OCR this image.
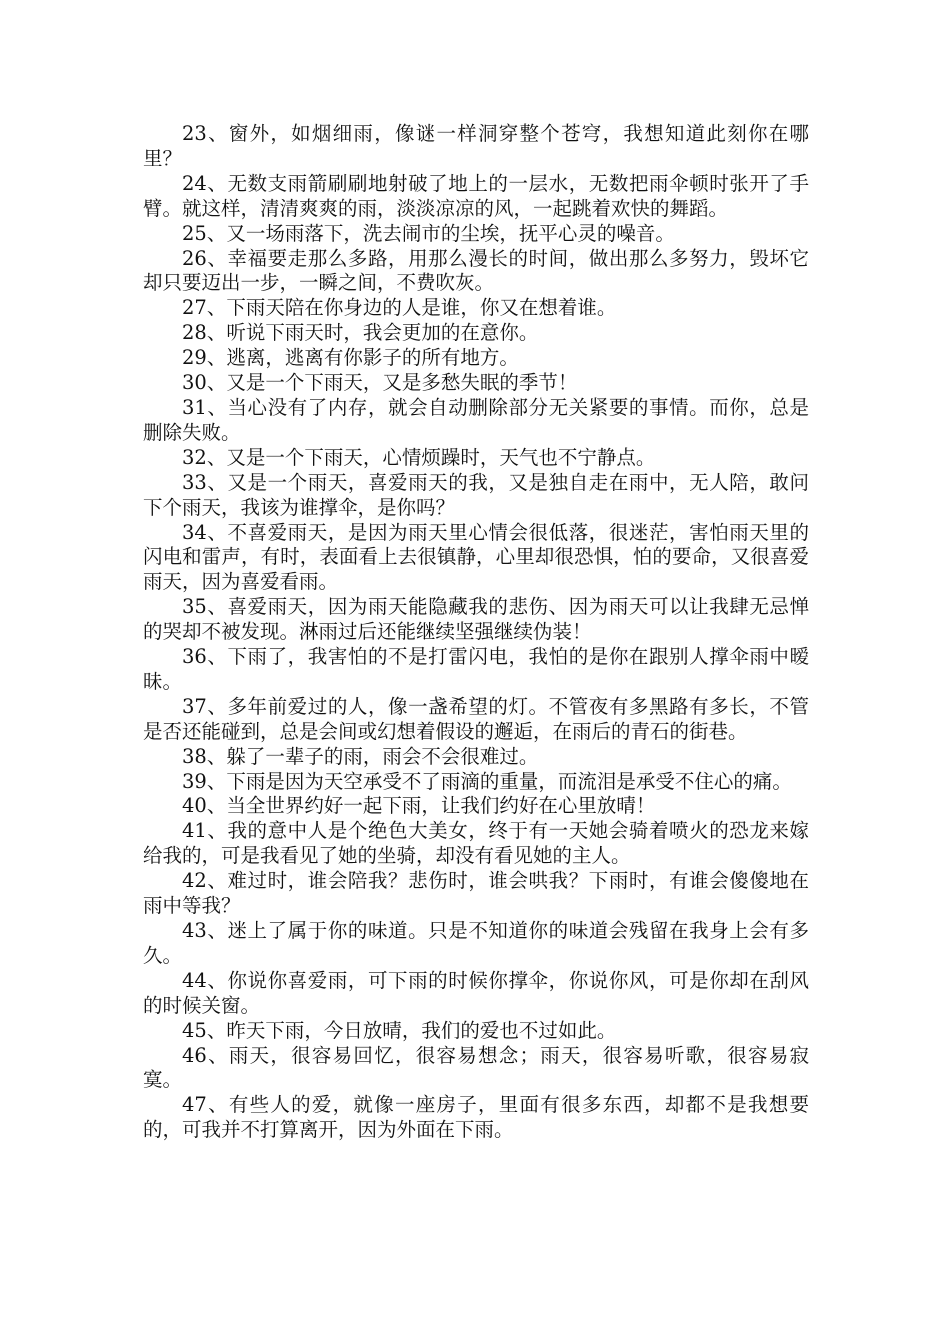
23、窗外，如烟细雨，像谜一样洞穿整个苍穹，我想知道此刻你在哪里？

24、无数支雨箭刷刷地射破了地上的一层水，无数把雨伞顿时张开了手臂。就这样，清清爽爽的雨，淡淡凉凉的风，一起跳着欢快的舞蹈。

25、又一场雨落下，洗去闹市的尘埃，抚平心灵的噪音。

26、幸福要走那么多路，用那么漫长的时间，做出那么多努力，毁坏它却只要迈出一步，一瞬之间，不费吹灰。

27、下雨天陪在你身边的人是谁，你又在想着谁。

28、听说下雨天时，我会更加的在意你。

29、逃离，逃离有你影子的所有地方。

30、又是一个下雨天，又是多愁失眠的季节！

31、当心没有了内存，就会自动删除部分无关紧要的事情。而你，总是删除失败。

32、又是一个下雨天，心情烦躁时，天气也不宁静点。

33、又是一个雨天，喜爱雨天的我，又是独自走在雨中，无人陪，敢问下个雨天，我该为谁撑伞，是你吗？

34、不喜爱雨天，是因为雨天里心情会很低落，很迷茫，害怕雨天里的闪电和雷声，有时，表面看上去很镇静，心里却很恐惧，怕的要命，又很喜爱雨天，因为喜爱看雨。

35、喜爱雨天，因为雨天能隐藏我的悲伤、因为雨天可以让我肆无忌惮的哭却不被发现。淋雨过后还能继续坚强继续伪装！

36、下雨了，我害怕的不是打雷闪电，我怕的是你在跟别人撑伞雨中暧昧。

37、多年前爱过的人，像一盏希望的灯。不管夜有多黑路有多长，不管是否还能碰到，总是会间或幻想着假设的邂逅，在雨后的青石的街巷。

38、躲了一辈子的雨，雨会不会很难过。

39、下雨是因为天空承受不了雨滴的重量，而流泪是承受不住心的痛。

40、当全世界约好一起下雨，让我们约好在心里放晴！

41、我的意中人是个绝色大美女，终于有一天她会骑着喷火的恐龙来嫁给我的，可是我看见了她的坐骑，却没有看见她的主人。

42、难过时，谁会陪我？悲伤时，谁会哄我？下雨时，有谁会傻傻地在雨中等我？

43、迷上了属于你的味道。只是不知道你的味道会残留在我身上会有多久。

44、你说你喜爱雨，可下雨的时候你撑伞，你说你风，可是你却在刮风的时候关窗。

45、昨天下雨，今日放晴，我们的爱也不过如此。

46、雨天，很容易回忆，很容易想念；雨天，很容易听歌，很容易寂寞。

47、有些人的爱，就像一座房子，里面有很多东西，却都不是我想要的，可我并不打算离开，因为外面在下雨。
